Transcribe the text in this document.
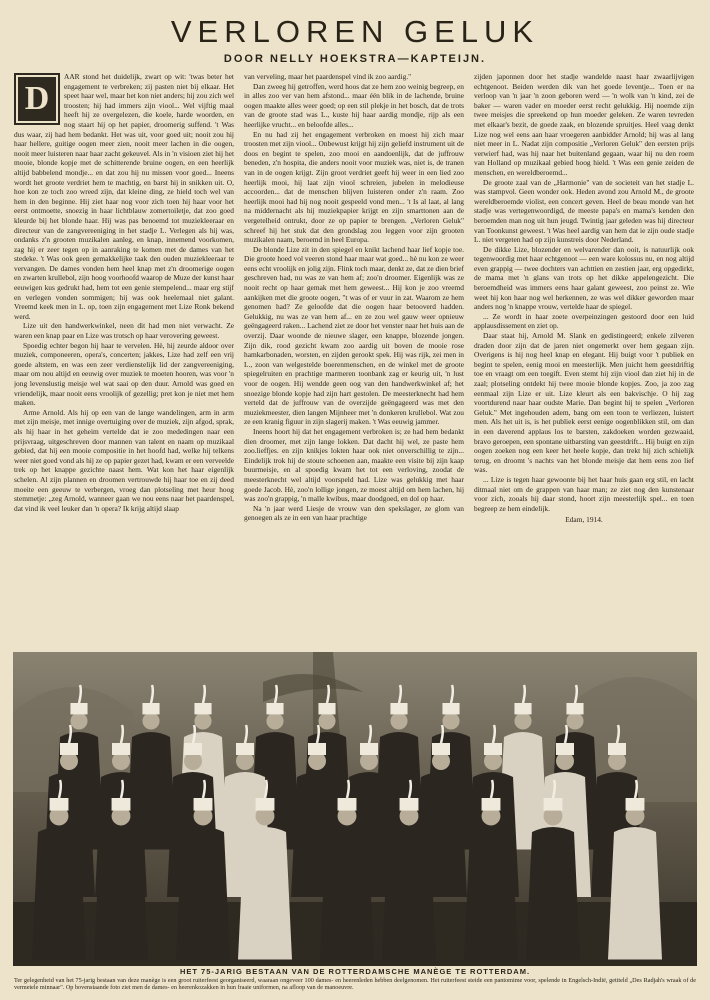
VERLOREN GELUK
DOOR NELLY HOEKSTRA—KAPTEIJN.
D

AAR stond het duidelijk, zwart op wit: 'twas beter het engagement te verbreken; zij pasten niet bij elkaar. Het speet haar wel, maar het kon niet anders; hij zou zich wel troosten; hij had immers zijn viool... Wel vijftig maal heeft hij ze overgelezen, die koele, harde woorden, en nog staart hij op het papier, droomerig suffend. 't Was dus waar, zij had hem bedankt. Het was uit, voor goed uit; nooit zou hij haar hellere, guitige oogen meer zien, nooit meer lachen in die oogen, nooit meer luisteren naar haar zacht gekeuvel. Als in 'n visioen ziet hij het mooie, blonde kopje met de schitterende bruine oogen, en een heerlijk altijd babbelend mondje... en dat zou hij nu missen voor goed... Ineens wordt het groote verdriet hem te machtig, en barst hij in snikken uit. O, hoe kon ze toch zoo wreed zijn, dat kleine ding, ze hield toch wel van hem in den beginne. Hij ziet haar nog voor zich toen hij haar voor het eerst ontmoette, snoezig in haar lichtblauw zomertoiletje, dat zoo goed kleurde bij het blonde haar. Hij was pas benoemd tot muziekleeraar en directeur van de zangvereeniging in het stadje L. Verlegen als hij was, ondanks z'n grooten muzikalen aanleg, en knap, innemend voorkomen, zag hij er zeer tegen op in aanraking te komen met de dames van het stedeke. 't Was ook geen gemakkelijke taak den ouden muziekleeraar te vervangen. De dames vonden hem heel knap met z'n droomerige oogen en zwarten krullebol, zijn hoog voorhoofd waarop de Muze der kunst haar eeuwigen kus gedrukt had, hem tot een genie stempelend... maar erg stijf en verlegen vonden sommigen; hij was ook heelemaal niet galant. Vreemd keek men in L. op, toen zijn engagement met Lize Ronk bekend werd.

Lize uit den handwerkwinkel, neen dit had men niet verwacht. Ze waren een knap paar en Lize was trotsch op haar verovering geweest.

Spoedig echter begon hij haar te vervelen. Hè, hij zeurde aldoor over muziek, componeeren, opera's, concerten; jakkes, Lize had zelf een vrij goede altstem, en was een zeer verdienstelijk lid der zangvereeniging, maar om nou altijd en eeuwig over muziek te moeten hooren, was voor 'n jong levenslustig meisje wel wat saai op den duur. Arnold was goed en vriendelijk, maar nooit eens vroolijk of gezellig; pret kon je niet met hem maken.

Arme Arnold. Als hij op een van de lange wandelingen, arm in arm met zijn meisje, met innige overtuiging over de muziek, zijn afgod, sprak, als hij haar in het geheim vertelde dat ie zoo mededingen naar een prijsvraag, uitgeschreven door mannen van talent en naam op muzikaal gebied, dat hij een mooie compositie in het hoofd had, welke hij telkens weer niet goed vond als hij ze op papier gezet had, kwam er een verveelde trek op het knappe gezichte naast hem. Wat kon het haar eigenlijk schelen. Al zijn plannen en droomen vertrouwde hij haar toe en zij deed moeite een geeuw te verbergen, vroeg dan plotseling met heur hoog stemmetje: „zeg Arnold, wanneer gaan we nou eens naar het paardenspel, dat vind ik veel leuker dan 'n opera? Ik krijg altijd slaap

van verveling, maar het paardenspel vind ik zoo aardig."

Dan zweeg hij getroffen, werd hoos dat ze hem zoo weinig begreep, en in alles zoo ver van hem afstond... maar één blik in de lachende, bruine oogen maakte alles weer goed; op een stil plekje in het bosch, dat de trots van de groote stad was L., kuste hij haar aardig mondje, rijp als een heerlijke vrucht... en beloofde alles...

En nu had zij het engagement verbroken en moest hij zich maar troosten met zijn viool... Onbewust krijgt hij zijn geliefd instrument uit de doos en begint te spelen, zoo mooi en aandoenlijk, dat de juffrouw beneden, z'n hospita, die anders nooit voor muziek was, niet is, de tranen van in de oogen krijgt. Zijn groot verdriet geeft hij weer in een lied zoo heerlijk mooi, hij laat zijn viool schreien, jubelen in melodieuse accoorden... dat de menschen blijven luisteren onder z'n raam. Zoo heerlijk mooi had hij nog nooit gespeeld vond men... 't Is al laat, al lang na middernacht als hij muziekpapier krijgt en zijn smarttonen aan de vergetelheid ontrukt, door ze op papier te brengen. „Verloren Geluk" schreef hij het stuk dat den grondslag zou leggen voor zijn grooten muzikalen naam, beroemd in heel Europa.

De blonde Lize zit in den spiegel en knikt lachend haar lief kopje toe. Die groote hoed vol veeren stond haar maar wat goed... hè nu kon ze weer eens echt vroolijk en jolig zijn. Flink toch maar, denkt ze, dat ze dien brief geschreven had, nu was ze van hem af; zoo'n droomer. Eigenlijk was ze nooit recht op haar gemak met hem geweest... Hij kon je zoo vreemd aankijken met die groote oogen, "t was of er vuur in zat. Waarom ze hem genomen had? Ze geloofde dat die oogen haar betooverd hadden. Gelukkig, nu was ze van hem af... en ze zou wel gauw weer opnieuw geëngageerd raken... Lachend ziet ze door het venster naar het huis aan de overzij. Daar woonde de nieuwe slager, een knappe, blozende jongen. Zijn dik, rood gezicht kwam zoo aardig uit boven de mooie rose hamkarbonaden, worsten, en zijden gerookt spek. Hij was rijk, zei men in L., zoon van welgestelde boerenmenschen, en de winkel met de groote spiegelruiten en prachtige marmeren toonbank zag er keurig uit, 'n lust voor de oogen. Hij wendde geen oog van den handwerkwinkel af; het snoezige blonde kopje had zijn hart gestolen. De meesterknecht had hem verteld dat de juffrouw van de overzijde geëngageerd was met den muziekmeester, dien langen Mijnheer met 'n donkeren krullebol. Wat zou ze een kranig figuur in zijn slagerij maken. 't Was eeuwig jammer.

Ineens hoort hij dat het engagement verbroken is; ze had hem bedankt dien droomer, met zijn lange lokken. Dat dacht hij wel, ze paste hem zoo.lieffjes. en zijn knikjes lokten haar ook niet onverschillig te zijn... Eindelijk trok hij de stoute schoenen aan, maakte een visite bij zijn kaap buurmeisje, en al spoedig kwam het tot een verloving, zoodat de meesterknecht wel altijd voorspeld had. Lize was gelukkig met haar goede Jacob. Hè, zoo'n lollige jongen, ze moest altijd om hem lachen, hij was zoo'n grappig, 'n malle kwibus, maar doodgoed, en dol op haar.

Na 'n jaar werd Liesje de vrouw van den spekslager, ze glom van genoegen als ze in een van haar prachtige

zijden japonnen door het stadje wandelde naast haar zwaarlijvigen echtgenoot. Beiden werden dik van het goede leventje... Toen er na verloop van 'n jaar 'n zoon geboren werd — 'n wolk van 'n kind, zei de baker — waren vader en moeder eerst recht gelukkig. Hij noemde zijn twee meisjes die spreekend op hun moeder geleken. Ze waren tevreden met elkaar's bezit, de goede zaak, en blozende spruitjes. Heel vaag denkt Lize nog wel eens aan haar vroegeren aanbidder Arnold; hij was al lang niet meer in L. Nadat zijn compositie „Verloren Geluk" den eersten prijs verwierf had, was hij naar het buitenland gegaan, waar hij nu den roem van Holland op muzikaal gebied hoog hield. 't Was een genie zeiden de menschen, en wereldberoemd...

De groote zaal van de „Harmonie" van de societeit van het stadje L. was stampvol. Geen wonder ook. Heden avond zou Arnold M., de groote wereldberoemde violist, een concert geven. Heel de beau monde van het stadje was vertegenwoordigd, de meeste papa's en mama's kenden den beroemden man nog uit hun jeugd. Twintig jaar geleden was hij directeur van Toonkunst geweest. 't Was heel aardig van hem dat ie zijn oude stadje L. niet vergeten had op zijn kunstreis door Nederland.

De dikke Lize, blozender en welvarender dan ooit, is natuurlijk ook tegenwoordig met haar echtgenoot — een ware kolossus nu, en nog altijd even grappig — twee dochters van achttien en zestien jaar, erg opgedirkt, de mama met 'n glans van trots op het dikke appelengezicht. Die beroemdheid was immers eens haar galant geweest, zoo peinst ze. Wie weet hij kon haar nog wel herkennen, ze was wel dikker geworden maar anders nog 'n knappe vrouw, vertelde haar de spiegel.

... Ze wordt in haar zoete overpeinzingen gestoord door een luid applausdissement en ziet op.

Daar staat hij, Arnold M. Slank en gedistingeerd; enkele zilveren draden door zijn dat de jaren niet ongemerkt over hem gegaan zijn. Overigens is hij nog heel knap en elegant. Hij buigt voor 't publiek en begint te spelen, eenig mooi en meesterlijk. Men juicht hem geestdriftig toe en vraagt om een toegift. Even stemt hij zijn viool dan ziet hij in de zaal; plotseling ontdekt hij twee mooie blonde kopjes. Zoo, ja zoo zag eenmaal zijn Lize er uit. Lize kleurt als een bakvischje. O hij zag voortdurend naar haar oudste Marie. Dan begint hij te spelen „Verloren Geluk." Met ingehouden adem, bang om een toon te verliezen, luistert men. Als het uit is, is het publiek eerst eenige oogenblikken stil, om dan in een daverend applaus los te barsten, zakdoeken worden gezwaaid, bravo geroepen, een spontane uitbarsting van geestdrift... Hij buigt en zijn oogen zoeken nog een keer het heele kopje, dan trekt hij zich schielijk terug, en droomt 's nachts van het blonde meisje dat hem eens zoo lief was.

... Lize is tegen haar gewoonte bij het haar huis gaan erg stil, en lacht ditmaal niet om de grappen van haar man; ze ziet nog den kunstenaar voor zich, zooals hij daar stond, hoort zijn meesterlijk spel... en toen begreep ze hem eindelijk.

Edam, 1914.

HET 75-JARIG BESTAAN VAN DE ROTTERDAMSCHE MANÈGE TE ROTTERDAM.
Ter gelegenheid van het 75-jarig bestaan van deze manège is een groot ruiterfeest georganiseerd, waaraan ongeveer 100 dames- en heerenleden hebben deelgenomen. Het ruiterfeest steide een pantomime voor, spelende in Engelsch-Indië, getiteld „Des Radjah's wraak of de vermetele minnaar". Op bovenstaande foto ziet men de dames- en heerenkozakken in hun fraaie uniformen, na afloop van de manoeuvre.
